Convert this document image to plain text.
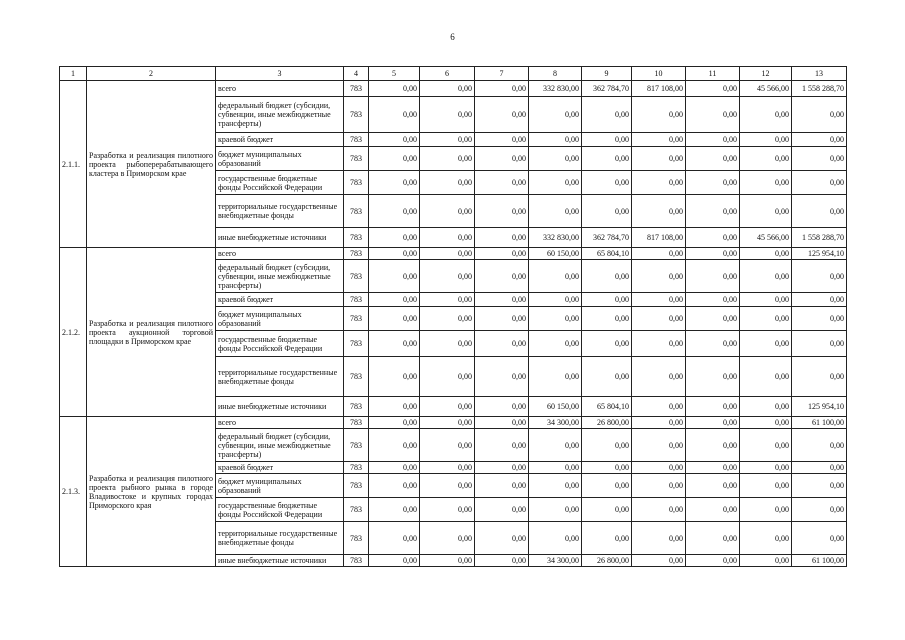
6
1	2	3	4	5	6	7	8	9	10	11	12	13
2.1.1.	Разработка и реализация пилотного проекта рыбоперерабатывающего кластера в Приморском крае	всего	783	0,00	0,00	0,00	332 830,00	362 784,70	817 108,00	0,00	45 566,00	1 558 288,70
		федеральный бюджет (субсидии, субвенции, иные межбюджетные трансферты)	783	0,00	0,00	0,00	0,00	0,00	0,00	0,00	0,00	0,00
		краевой бюджет	783	0,00	0,00	0,00	0,00	0,00	0,00	0,00	0,00	0,00
		бюджет муниципальных образований	783	0,00	0,00	0,00	0,00	0,00	0,00	0,00	0,00	0,00
		государственные бюджетные фонды Российской Федерации	783	0,00	0,00	0,00	0,00	0,00	0,00	0,00	0,00	0,00
		территориальные государственные внебюджетные фонды	783	0,00	0,00	0,00	0,00	0,00	0,00	0,00	0,00	0,00
		иные внебюджетные источники	783	0,00	0,00	0,00	332 830,00	362 784,70	817 108,00	0,00	45 566,00	1 558 288,70
2.1.2.	Разработка и реализация пилотного проекта аукционной торговой площадки в Приморском крае	всего	783	0,00	0,00	0,00	60 150,00	65 804,10	0,00	0,00	0,00	125 954,10
		федеральный бюджет (субсидии, субвенции, иные межбюджетные трансферты)	783	0,00	0,00	0,00	0,00	0,00	0,00	0,00	0,00	0,00
		краевой бюджет	783	0,00	0,00	0,00	0,00	0,00	0,00	0,00	0,00	0,00
		бюджет муниципальных образований	783	0,00	0,00	0,00	0,00	0,00	0,00	0,00	0,00	0,00
		государственные бюджетные фонды Российской Федерации	783	0,00	0,00	0,00	0,00	0,00	0,00	0,00	0,00	0,00
		территориальные государственные внебюджетные фонды	783	0,00	0,00	0,00	0,00	0,00	0,00	0,00	0,00	0,00
		иные внебюджетные источники	783	0,00	0,00	0,00	60 150,00	65 804,10	0,00	0,00	0,00	125 954,10
2.1.3.	Разработка и реализация пилотного проекта рыбного рынка в городе Владивостоке и крупных городах Приморского края	всего	783	0,00	0,00	0,00	34 300,00	26 800,00	0,00	0,00	0,00	61 100,00
		федеральный бюджет (субсидии, субвенции, иные межбюджетные трансферты)	783	0,00	0,00	0,00	0,00	0,00	0,00	0,00	0,00	0,00
		краевой бюджет	783	0,00	0,00	0,00	0,00	0,00	0,00	0,00	0,00	0,00
		бюджет муниципальных образований	783	0,00	0,00	0,00	0,00	0,00	0,00	0,00	0,00	0,00
		государственные бюджетные фонды Российской Федерации	783	0,00	0,00	0,00	0,00	0,00	0,00	0,00	0,00	0,00
		территориальные государственные внебюджетные фонды	783	0,00	0,00	0,00	0,00	0,00	0,00	0,00	0,00	0,00
		иные внебюджетные источники	783	0,00	0,00	0,00	34 300,00	26 800,00	0,00	0,00	0,00	61 100,00
